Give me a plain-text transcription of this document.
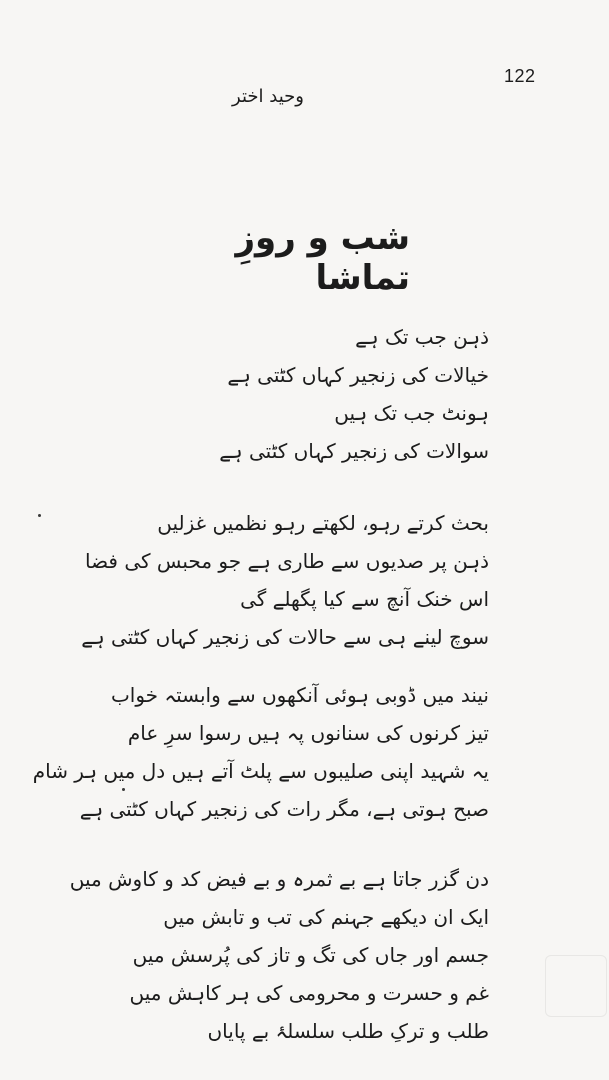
122
وحید اختر
شب و روزِ تماشا
ذہن جب تک ہے
خیالات کی زنجیر کہاں کٹتی ہے
ہونٹ جب تک ہیں
سوالات کی زنجیر کہاں کٹتی ہے
بحث کرتے رہو، لکھتے رہو نظمیں غزلیں
ذہن پر صدیوں سے طاری ہے جو محبس کی فضا
اس خنک آنچ سے کیا پگھلے گی
سوچ لینے ہی سے حالات کی زنجیر کہاں کٹتی ہے
نیند میں ڈوبی ہوئی آنکھوں سے وابستہ خواب
تیز کرنوں کی سنانوں پہ ہیں رسوا سرِ عام
یہ شہید اپنی صلیبوں سے پلٹ آتے ہیں دل میں ہر شام
صبح ہوتی ہے، مگر رات کی زنجیر کہاں کٹتی ہے
دن گزر جاتا ہے بے ثمرہ و بے فیض کد و کاوش میں
ایک ان دیکھے جہنم کی تب و تابش میں
جسم اور جاں کی تگ و تاز کی پُرسش میں
غم و حسرت و محرومی کی ہر کاہش میں
طلب و ترکِ طلب سلسلۂ بے پایاں
